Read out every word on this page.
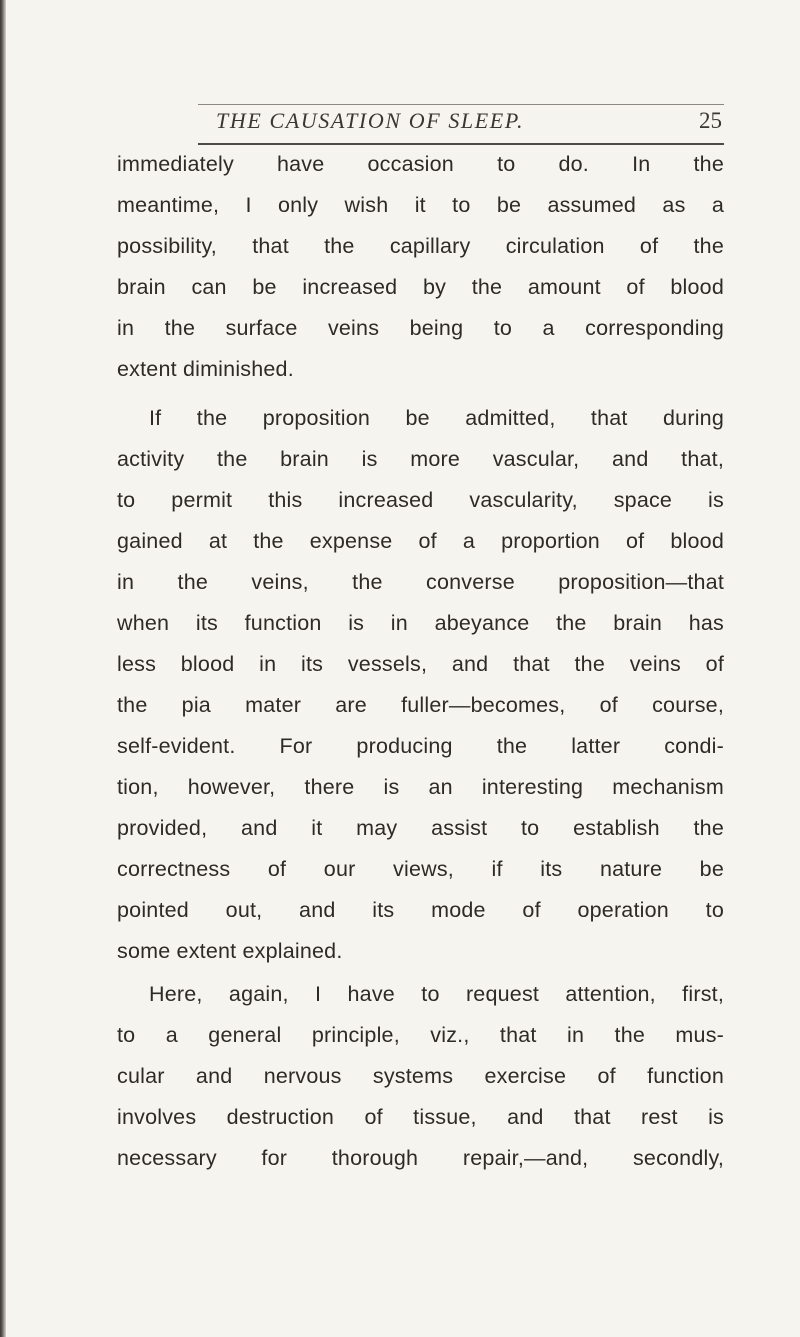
THE CAUSATION OF SLEEP.	25
immediately have occasion to do. In the
meantime, I only wish it to be assumed as a
possibility, that the capillary circulation of the
brain can be increased by the amount of blood
in the surface veins being to a corresponding
extent diminished.
If the proposition be admitted, that during
activity the brain is more vascular, and that,
to permit this increased vascularity, space is
gained at the expense of a proportion of blood
in the veins, the converse proposition—that
when its function is in abeyance the brain has
less blood in its vessels, and that the veins of
the pia mater are fuller—becomes, of course,
self-evident. For producing the latter condi-
tion, however, there is an interesting mechanism
provided, and it may assist to establish the
correctness of our views, if its nature be
pointed out, and its mode of operation to
some extent explained.
Here, again, I have to request attention, first,
to a general principle, viz., that in the mus-
cular and nervous systems exercise of function
involves destruction of tissue, and that rest is
necessary for thorough repair,—and, secondly,
